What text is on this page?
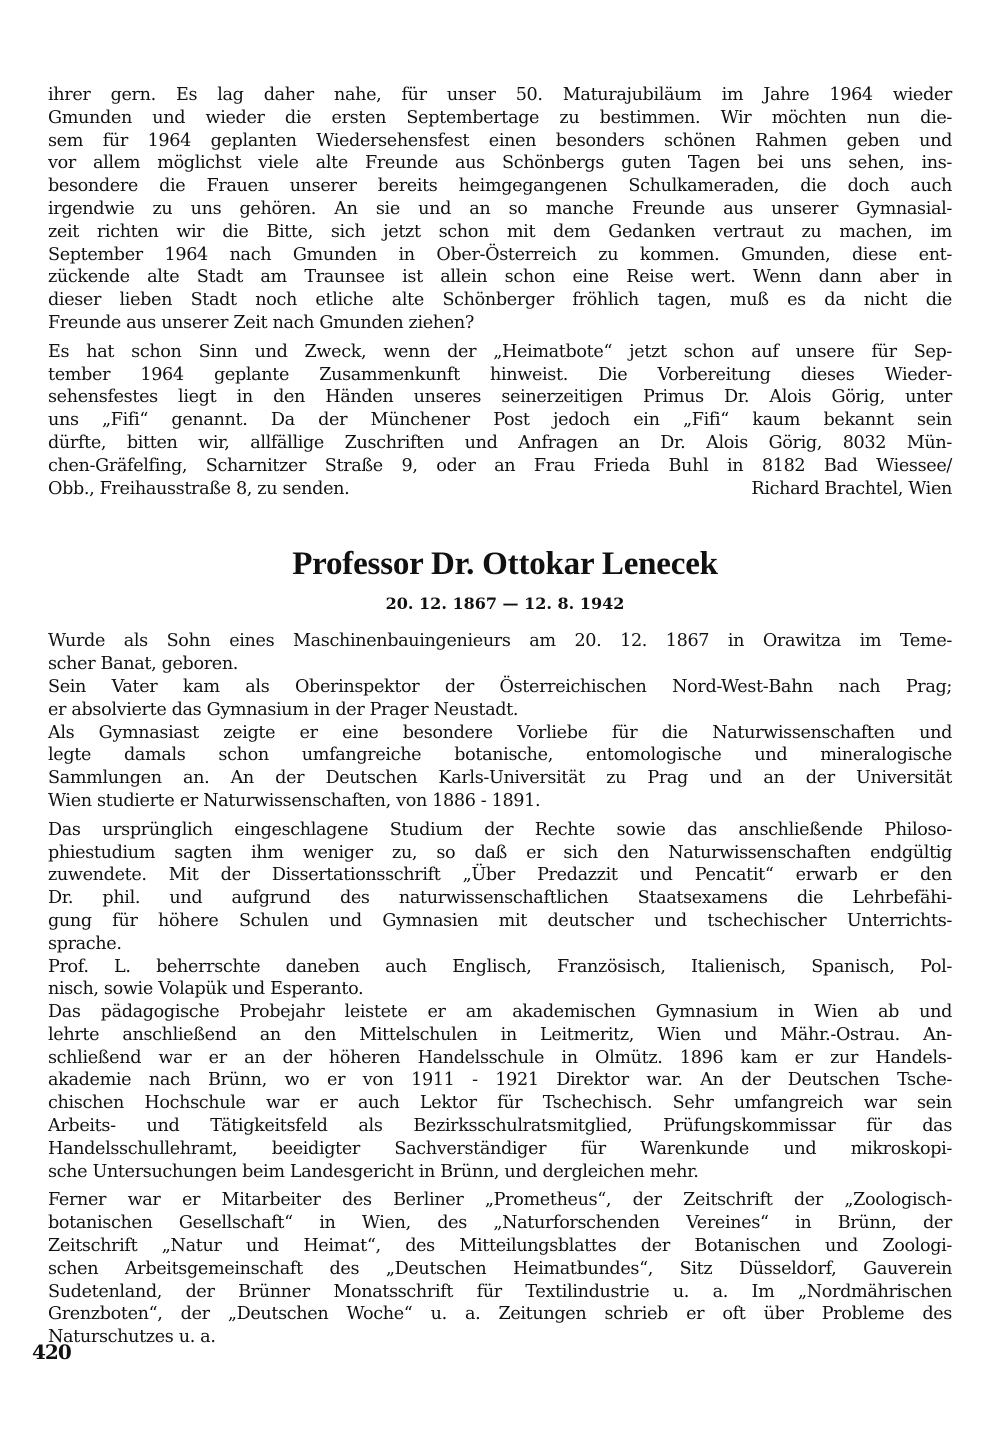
ihrer gern. Es lag daher nahe, für unser 50. Maturajubiläum im Jahre 1964 wieder
Gmunden und wieder die ersten Septembertage zu bestimmen. Wir möchten nun die-
sem für 1964 geplanten Wiedersehensfest einen besonders schönen Rahmen geben und
vor allem möglichst viele alte Freunde aus Schönbergs guten Tagen bei uns sehen, ins-
besondere die Frauen unserer bereits heimgegangenen Schulkameraden, die doch auch
irgendwie zu uns gehören. An sie und an so manche Freunde aus unserer Gymnasial-
zeit richten wir die Bitte, sich jetzt schon mit dem Gedanken vertraut zu machen, im
September 1964 nach Gmunden in Ober-Österreich zu kommen. Gmunden, diese ent-
zückende alte Stadt am Traunsee ist allein schon eine Reise wert. Wenn dann aber in
dieser lieben Stadt noch etliche alte Schönberger fröhlich tagen, muß es da nicht die
Freunde aus unserer Zeit nach Gmunden ziehen?
Es hat schon Sinn und Zweck, wenn der „Heimatbote“ jetzt schon auf unsere für Sep-
tember 1964 geplante Zusammenkunft hinweist. Die Vorbereitung dieses Wieder-
sehensfestes liegt in den Händen unseres seinerzeitigen Primus Dr. Alois Görig, unter
uns „Fifi“ genannt. Da der Münchener Post jedoch ein „Fifi“ kaum bekannt sein
dürfte, bitten wir, allfällige Zuschriften und Anfragen an Dr. Alois Görig, 8032 Mün-
chen-Gräfelfing, Scharnitzer Straße 9, oder an Frau Frieda Buhl in 8182 Bad Wiessee/
Obb., Freihausstraße 8, zu senden.	Richard Brachtel, Wien
Professor Dr. Ottokar Lenecek
20. 12. 1867 — 12. 8. 1942
Wurde als Sohn eines Maschinenbauingenieurs am 20. 12. 1867 in Orawitza im Teme-
scher Banat, geboren.
Sein Vater kam als Oberinspektor der Österreichischen Nord-West-Bahn nach Prag;
er absolvierte das Gymnasium in der Prager Neustadt.
Als Gymnasiast zeigte er eine besondere Vorliebe für die Naturwissenschaften und
legte damals schon umfangreiche botanische, entomologische und mineralogische
Sammlungen an. An der Deutschen Karls-Universität zu Prag und an der Universität
Wien studierte er Naturwissenschaften, von 1886 - 1891.
Das ursprünglich eingeschlagene Studium der Rechte sowie das anschließende Philoso-
phiestudium sagten ihm weniger zu, so daß er sich den Naturwissenschaften endgültig
zuwendete. Mit der Dissertationsschrift „Über Predazzit und Pencatit“ erwarb er den
Dr. phil. und aufgrund des naturwissenschaftlichen Staatsexamens die Lehrbefähi-
gung für höhere Schulen und Gymnasien mit deutscher und tschechischer Unterrichts-
sprache.
Prof. L. beherrschte daneben auch Englisch, Französisch, Italienisch, Spanisch, Pol-
nisch, sowie Volapük und Esperanto.
Das pädagogische Probejahr leistete er am akademischen Gymnasium in Wien ab und
lehrte anschließend an den Mittelschulen in Leitmeritz, Wien und Mähr.-Ostrau. An-
schließend war er an der höheren Handelsschule in Olmütz. 1896 kam er zur Handels-
akademie nach Brünn, wo er von 1911 - 1921 Direktor war. An der Deutschen Tsche-
chischen Hochschule war er auch Lektor für Tschechisch. Sehr umfangreich war sein
Arbeits- und Tätigkeitsfeld als Bezirksschulratsmitglied, Prüfungskommissar für das
Handelsschullehramt, beeidigter Sachverständiger für Warenkunde und mikroskopi-
sche Untersuchungen beim Landesgericht in Brünn, und dergleichen mehr.
Ferner war er Mitarbeiter des Berliner „Prometheus“, der Zeitschrift der „Zoologisch-
botanischen Gesellschaft“ in Wien, des „Naturforschenden Vereines“ in Brünn, der
Zeitschrift „Natur und Heimat“, des Mitteilungsblattes der Botanischen und Zoologi-
schen Arbeitsgemeinschaft des „Deutschen Heimatbundes“, Sitz Düsseldorf, Gauverein
Sudetenland, der Brünner Monatsschrift für Textilindustrie u. a. Im „Nordmährischen
Grenzboten“, der „Deutschen Woche“ u. a. Zeitungen schrieb er oft über Probleme des
Naturschutzes u. a.
420
